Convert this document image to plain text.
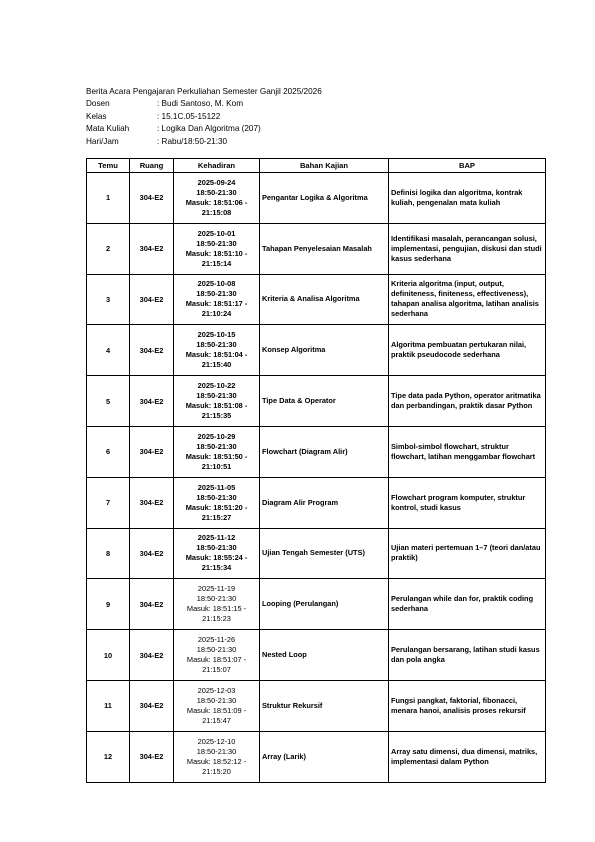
Berita Acara Pengajaran Perkuliahan Semester Ganjil 2025/2026
Dosen	: Budi Santoso, M. Kom
Kelas	: 15.1C.05-15122
Mata Kuliah	: Logika Dan Algoritma (207)
Hari/Jam	: Rabu/18:50-21:30
Temu	Ruang	Kehadiran	Bahan Kajian	BAP
1	304-E2	2025-09-24
18:50-21:30
Masuk: 18:51:06 -
21:15:08	Pengantar Logika & Algoritma	Definisi logika dan algoritma, kontrak kuliah, pengenalan mata kuliah
2	304-E2	2025-10-01
18:50-21:30
Masuk: 18:51:10 -
21:15:14	Tahapan Penyelesaian Masalah	Identifikasi masalah, perancangan solusi, implementasi, pengujian, diskusi dan studi kasus sederhana
3	304-E2	2025-10-08
18:50-21:30
Masuk: 18:51:17 -
21:10:24	Kriteria & Analisa Algoritma	Kriteria algoritma (input, output, definiteness, finiteness, effectiveness), tahapan analisa algoritma, latihan analisis sederhana
4	304-E2	2025-10-15
18:50-21:30
Masuk: 18:51:04 -
21:15:40	Konsep Algoritma	Algoritma pembuatan pertukaran nilai, praktik pseudocode sederhana
5	304-E2	2025-10-22
18:50-21:30
Masuk: 18:51:08 -
21:15:35	Tipe Data & Operator	Tipe data pada Python, operator aritmatika dan perbandingan, praktik dasar Python
6	304-E2	2025-10-29
18:50-21:30
Masuk: 18:51:50 -
21:10:51	Flowchart (Diagram Alir)	Simbol-simbol flowchart, struktur flowchart, latihan menggambar flowchart
7	304-E2	2025-11-05
18:50-21:30
Masuk: 18:51:20 -
21:15:27	Diagram Alir Program	Flowchart program komputer, struktur kontrol, studi kasus
8	304-E2	2025-11-12
18:50-21:30
Masuk: 18:55:24 -
21:15:34	Ujian Tengah Semester (UTS)	Ujian materi pertemuan 1–7 (teori dan/atau praktik)
9	304-E2	2025-11-19
18:50-21:30
Masuk: 18:51:15 -
21:15:23	Looping (Perulangan)	Perulangan while dan for, praktik coding sederhana
10	304-E2	2025-11-26
18:50-21:30
Masuk: 18:51:07 -
21:15:07	Nested Loop	Perulangan bersarang, latihan studi kasus dan pola angka
11	304-E2	2025-12-03
18:50-21:30
Masuk: 18:51:09 -
21:15:47	Struktur Rekursif	Fungsi pangkat, faktorial, fibonacci, menara hanoi, analisis proses rekursif
12	304-E2	2025-12-10
18:50-21:30
Masuk: 18:52:12 -
21:15:20	Array (Larik)	Array satu dimensi, dua dimensi, matriks, implementasi dalam Python
